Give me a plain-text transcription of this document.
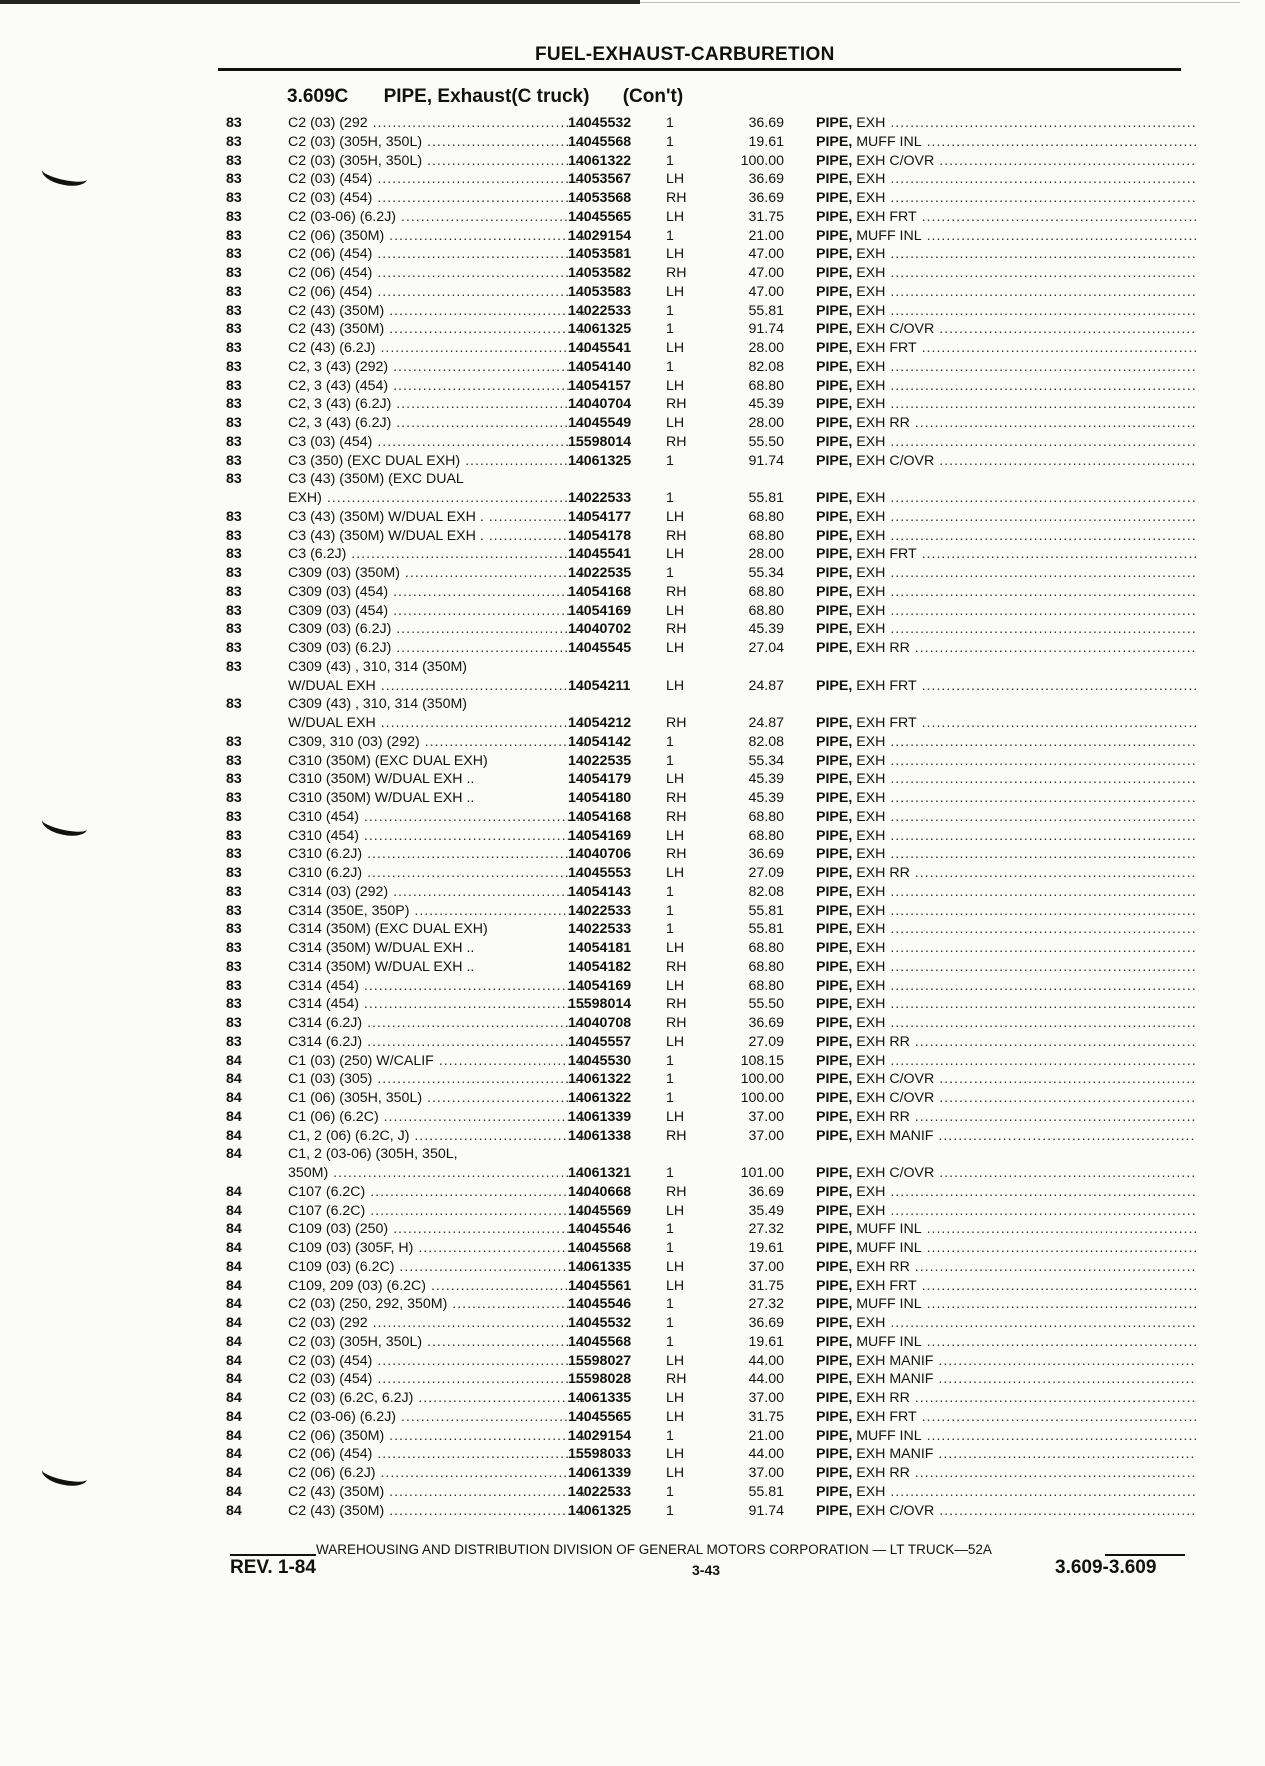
FUEL-EXHAUST-CARBURETION
3.609C PIPE, Exhaust(C truck) (Con't)
83	C2 (03) (292 .....	14045532	1	36.69 PIPE, EXH .....
83	C2 (03) (305H, 350L) .....	14045568	1	19.61 PIPE, MUFF INL .....
83	C2 (03) (305H, 350L) .....	14061322	1	100.00 PIPE, EXH C/OVR .....
83	C2 (03) (454) .....	14053567	LH	36.69 PIPE, EXH .....
83	C2 (03) (454) .....	14053568	RH	36.69 PIPE, EXH .....
83	C2 (03-06) (6.2J) .....	14045565	LH	31.75 PIPE, EXH FRT .....
83	C2 (06) (350M) .....	14029154	1	21.00 PIPE, MUFF INL .....
83	C2 (06) (454) .....	14053581	LH	47.00 PIPE, EXH .....
83	C2 (06) (454) .....	14053582	RH	47.00 PIPE, EXH .....
83	C2 (06) (454) .....	14053583	LH	47.00 PIPE, EXH .....
83	C2 (43) (350M) .....	14022533	1	55.81 PIPE, EXH .....
83	C2 (43) (350M) .....	14061325	1	91.74 PIPE, EXH C/OVR .....
83	C2 (43) (6.2J) .....	14045541	LH	28.00 PIPE, EXH FRT .....
83	C2, 3 (43) (292) .....	14054140	1	82.08 PIPE, EXH .....
83	C2, 3 (43) (454) .....	14054157	LH	68.80 PIPE, EXH .....
83	C2, 3 (43) (6.2J) .....	14040704	RH	45.39 PIPE, EXH .....
83	C2, 3 (43) (6.2J) .....	14045549	LH	28.00 PIPE, EXH RR .....
83	C3 (03) (454) .....	15598014	RH	55.50 PIPE, EXH .....
83	C3 (350) (EXC DUAL EXH) .....	14061325	1	91.74 PIPE, EXH C/OVR .....
83	C3 (43) (350M) (EXC DUAL
EXH) .....	14022533	1	55.81 PIPE, EXH .....
83	C3 (43) (350M) W/DUAL EXH . .....	14054177	LH	68.80 PIPE, EXH .....
83	C3 (43) (350M) W/DUAL EXH . .....	14054178	RH	68.80 PIPE, EXH .....
83	C3 (6.2J) .....	14045541	LH	28.00 PIPE, EXH FRT .....
83	C309 (03) (350M) .....	14022535	1	55.34 PIPE, EXH .....
83	C309 (03) (454) .....	14054168	RH	68.80 PIPE, EXH .....
83	C309 (03) (454) .....	14054169	LH	68.80 PIPE, EXH .....
83	C309 (03) (6.2J) .....	14040702	RH	45.39 PIPE, EXH .....
83	C309 (03) (6.2J) .....	14045545	LH	27.04 PIPE, EXH RR .....
83	C309 (43) , 310, 314 (350M)
W/DUAL EXH .....	14054211	LH	24.87 PIPE, EXH FRT .....
83	C309 (43) , 310, 314 (350M)
W/DUAL EXH .....	14054212	RH	24.87 PIPE, EXH FRT .....
83	C309, 310 (03) (292) .....	14054142	1	82.08 PIPE, EXH .....
83	C310 (350M) (EXC DUAL EXH)	14022535	1	55.34 PIPE, EXH .....
83	C310 (350M) W/DUAL EXH ..	14054179	LH	45.39 PIPE, EXH .....
83	C310 (350M) W/DUAL EXH ..	14054180	RH	45.39 PIPE, EXH .....
83	C310 (454) .....	14054168	RH	68.80 PIPE, EXH .....
83	C310 (454) .....	14054169	LH	68.80 PIPE, EXH .....
83	C310 (6.2J) .....	14040706	RH	36.69 PIPE, EXH .....
83	C310 (6.2J) .....	14045553	LH	27.09 PIPE, EXH RR .....
83	C314 (03) (292) .....	14054143	1	82.08 PIPE, EXH .....
83	C314 (350E, 350P) .....	14022533	1	55.81 PIPE, EXH .....
83	C314 (350M) (EXC DUAL EXH)	14022533	1	55.81 PIPE, EXH .....
83	C314 (350M) W/DUAL EXH ..	14054181	LH	68.80 PIPE, EXH .....
83	C314 (350M) W/DUAL EXH ..	14054182	RH	68.80 PIPE, EXH .....
83	C314 (454) .....	14054169	LH	68.80 PIPE, EXH .....
83	C314 (454) .....	15598014	RH	55.50 PIPE, EXH .....
83	C314 (6.2J) .....	14040708	RH	36.69 PIPE, EXH .....
83	C314 (6.2J) .....	14045557	LH	27.09 PIPE, EXH RR .....
84	C1 (03) (250) W/CALIF .....	14045530	1	108.15 PIPE, EXH .....
84	C1 (03) (305) .....	14061322	1	100.00 PIPE, EXH C/OVR .....
84	C1 (06) (305H, 350L) .....	14061322	1	100.00 PIPE, EXH C/OVR .....
84	C1 (06) (6.2C) .....	14061339	LH	37.00 PIPE, EXH RR .....
84	C1, 2 (06) (6.2C, J) .....	14061338	RH	37.00 PIPE, EXH MANIF .....
84	C1, 2 (03-06) (305H, 350L,
350M) .....	14061321	1	101.00 PIPE, EXH C/OVR .....
84	C107 (6.2C) .....	14040668	RH	36.69 PIPE, EXH .....
84	C107 (6.2C) .....	14045569	LH	35.49 PIPE, EXH .....
84	C109 (03) (250) .....	14045546	1	27.32 PIPE, MUFF INL .....
84	C109 (03) (305F, H) .....	14045568	1	19.61 PIPE, MUFF INL .....
84	C109 (03) (6.2C) .....	14061335	LH	37.00 PIPE, EXH RR .....
84	C109, 209 (03) (6.2C) .....	14045561	LH	31.75 PIPE, EXH FRT .....
84	C2 (03) (250, 292, 350M) .....	14045546	1	27.32 PIPE, MUFF INL .....
84	C2 (03) (292 .....	14045532	1	36.69 PIPE, EXH .....
84	C2 (03) (305H, 350L) .....	14045568	1	19.61 PIPE, MUFF INL .....
84	C2 (03) (454) .....	15598027	LH	44.00 PIPE, EXH MANIF .....
84	C2 (03) (454) .....	15598028	RH	44.00 PIPE, EXH MANIF .....
84	C2 (03) (6.2C, 6.2J) .....	14061335	LH	37.00 PIPE, EXH RR .....
84	C2 (03-06) (6.2J) .....	14045565	LH	31.75 PIPE, EXH FRT .....
84	C2 (06) (350M) .....	14029154	1	21.00 PIPE, MUFF INL .....
84	C2 (06) (454) .....	15598033	LH	44.00 PIPE, EXH MANIF .....
84	C2 (06) (6.2J) .....	14061339	LH	37.00 PIPE, EXH RR .....
84	C2 (43) (350M) .....	14022533	1	55.81 PIPE, EXH .....
84	C2 (43) (350M) .....	14061325	1	91.74 PIPE, EXH C/OVR .....
WAREHOUSING AND DISTRIBUTION DIVISION OF GENERAL MOTORS CORPORATION — LT TRUCK—52A
REV. 1-84	3-43	3.609-3.609
